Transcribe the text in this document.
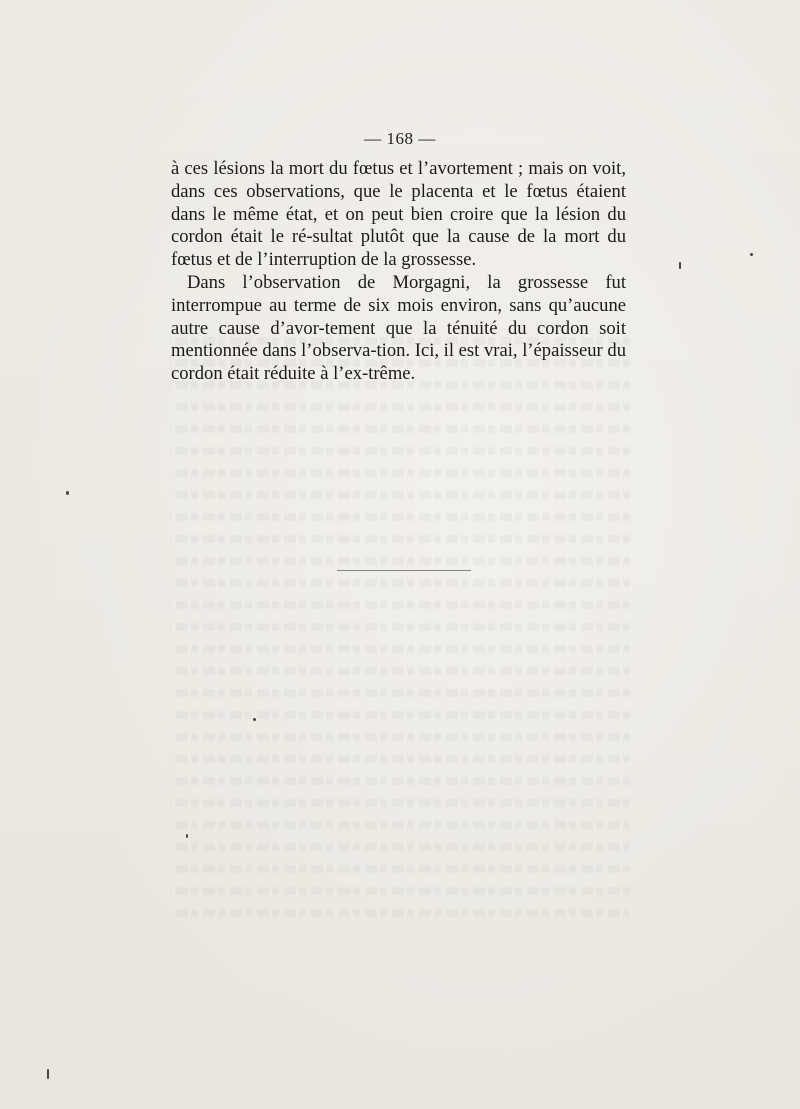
— 168 —

à ces lésions la mort du fœtus et l’avortement ; mais on voit, dans ces observations, que le placenta et le fœtus étaient dans le même état, et on peut bien croire que la lésion du cordon était le ré-sultat plutôt que la cause de la mort du fœtus et de l’interruption de la grossesse.

Dans l’observation de Morgagni, la grossesse fut interrompue au terme de six mois environ, sans qu’aucune autre cause d’avor-tement que la ténuité du cordon soit mentionnée dans l’observa-tion. Ici, il est vrai, l’épaisseur du cordon était réduite à l’ex-trême.
